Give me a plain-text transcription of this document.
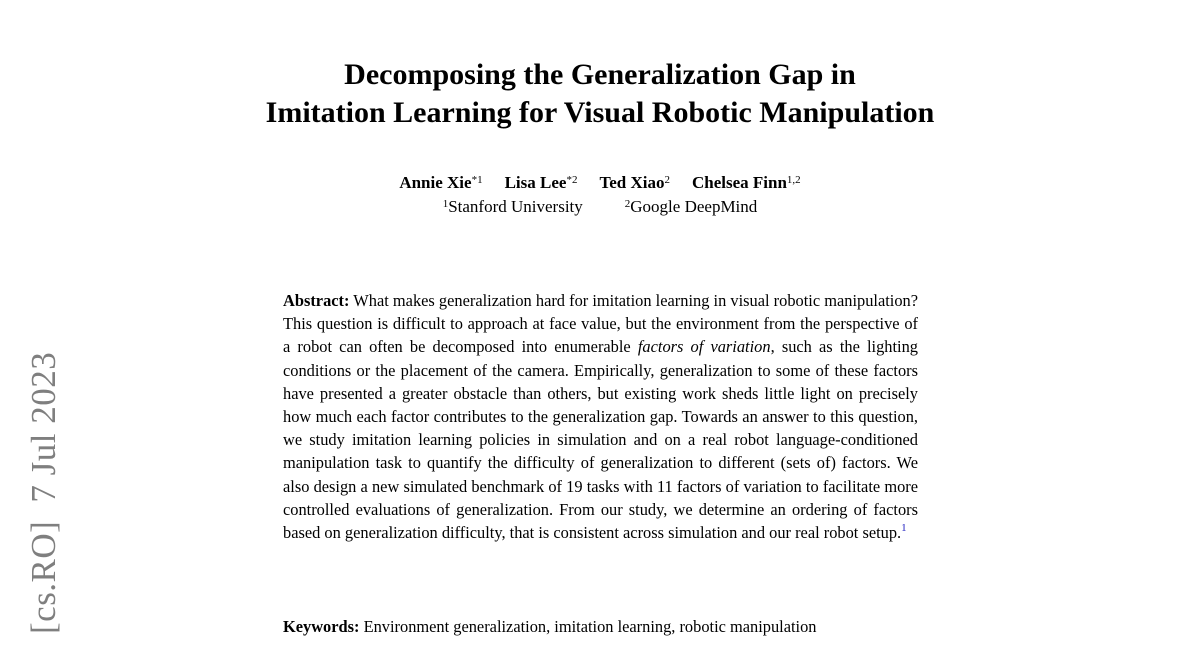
[cs.RO]7 Jul 2023
Decomposing the Generalization Gap in
Imitation Learning for Visual Robotic Manipulation
Annie Xie$^{*1}$ Lisa Lee$^{*2}$ Ted Xiao$^2$ Chelsea Finn$^{1,2}$
$^1$Stanford University	$^2$Google DeepMind
Abstract: What makes generalization hard for imitation learning in visual robotic manipulation? This question is difficult to approach at face value, but the environment from the perspective of a robot can often be decomposed into enumerable factors of variation, such as the lighting conditions or the placement of the camera. Empirically, generalization to some of these factors have presented a greater obstacle than others, but existing work sheds little light on precisely how much each factor contributes to the generalization gap. Towards an answer to this question, we study imitation learning policies in simulation and on a real robot language-conditioned manipulation task to quantify the difficulty of generalization to different (sets of) factors. We also design a new simulated benchmark of 19 tasks with 11 factors of variation to facilitate more controlled evaluations of generalization. From our study, we determine an ordering of factors based on generalization difficulty, that is consistent across simulation and our real robot setup.$^1$
Keywords: Environment generalization, imitation learning, robotic manipulation
